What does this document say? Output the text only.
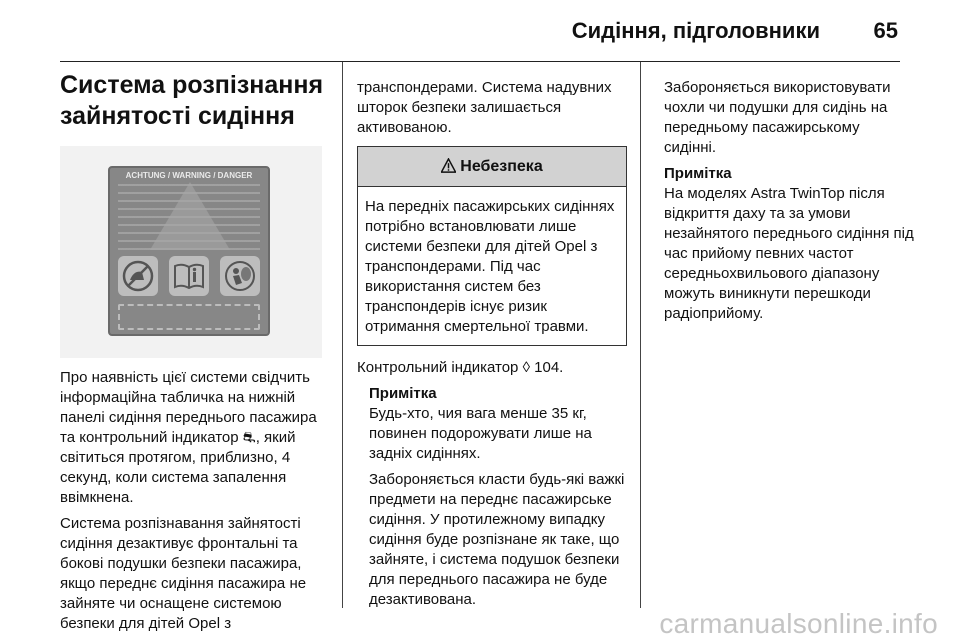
Сидіння, підголовники 65
Система розпізнання
зайнятості сидіння
ACHTUNG / WARNING / DANGER

Про наявність цієї системи свідчить інформаційна табличка на нижній панелі сидіння переднього пасажира та контрольний індикатор ⛐, який світиться протягом, приблизно, 4 секунд, коли система запалення ввімкнена.

Система розпізнавання зайнятості сидіння дезактивує фронтальні та бокові подушки безпеки пасажира, якщо переднє сидіння пасажира не зайняте чи оснащене системою безпеки для дітей Opel з

транспондерами. Система надувних шторок безпеки залишається активованою.

Небезпека
На передніх пасажирських сидіннях потрібно встановлювати лише системи безпеки для дітей Opel з транспондерами. Під час використання систем без транспондерів існує ризик отримання смертельної травми.

Контрольний індикатор ◊ 104.

Примітка

Будь-хто, чия вага менше 35 кг, повинен подорожувати лише на задніх сидіннях.

Забороняється класти будь-які важкі предмети на переднє пасажирське сидіння. У протилежному випадку сидіння буде розпізнане як таке, що зайняте, і система подушок безпеки для переднього пасажира не буде дезактивована.

Забороняється використовувати чохли чи подушки для сидінь на передньому пасажирському сидінні.

Примітка

На моделях Astra TwinTop після відкриття даху та за умови незайнятого переднього сидіння під час прийому певних частот середньохвильового діапазону можуть виникнути перешкоди радіоприйому.

carmanualsonline.info
